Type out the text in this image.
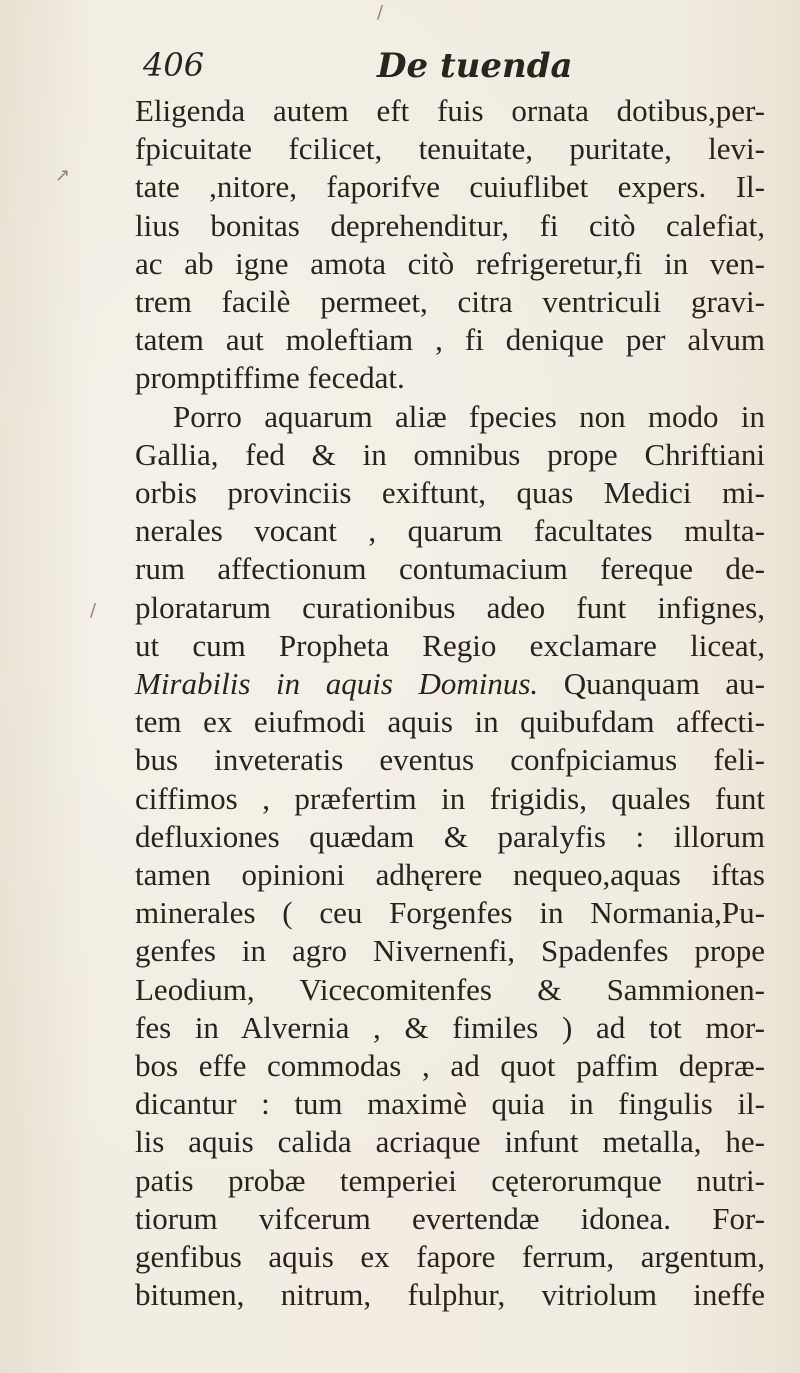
/
↗
/
406	De tuenda
Eligenda autem eft fuis ornata dotibus,per-
fpicuitate fcilicet, tenuitate, puritate, levi-
tate ,nitore, faporifve cuiuflibet expers. Il-
lius bonitas deprehenditur, fi citò calefiat,
ac ab igne amota citò refrigeretur,fi in ven-
trem facilè permeet, citra ventriculi gravi-
tatem aut moleftiam , fi denique per alvum
promptiffime fecedat.
Porro aquarum aliæ fpecies non modo in
Gallia, fed & in omnibus prope Chriftiani
orbis provinciis exiftunt, quas Medici mi-
nerales vocant , quarum facultates multa-
rum affectionum contumacium fereque de-
ploratarum curationibus adeo funt infignes,
ut cum Propheta Regio exclamare liceat,
Mirabilis in aquis Dominus. Quanquam au-
tem ex eiufmodi aquis in quibufdam affecti-
bus inveteratis eventus confpiciamus feli-
ciffimos , præfertim in frigidis, quales funt
defluxiones quædam & paralyfis : illorum
tamen opinioni adhęrere nequeo,aquas iftas
minerales ( ceu Forgenfes in Normania,Pu-
genfes in agro Nivernenfi, Spadenfes prope
Leodium, Vicecomitenfes & Sammionen-
fes in Alvernia , & fimiles ) ad tot mor-
bos effe commodas , ad quot paffim depræ-
dicantur : tum maximè quia in fingulis il-
lis aquis calida acriaque infunt metalla, he-
patis probæ temperiei cęterorumque nutri-
tiorum vifcerum evertendæ idonea. For-
genfibus aquis ex fapore ferrum, argentum,
bitumen, nitrum, fulphur, vitriolum ineffe
